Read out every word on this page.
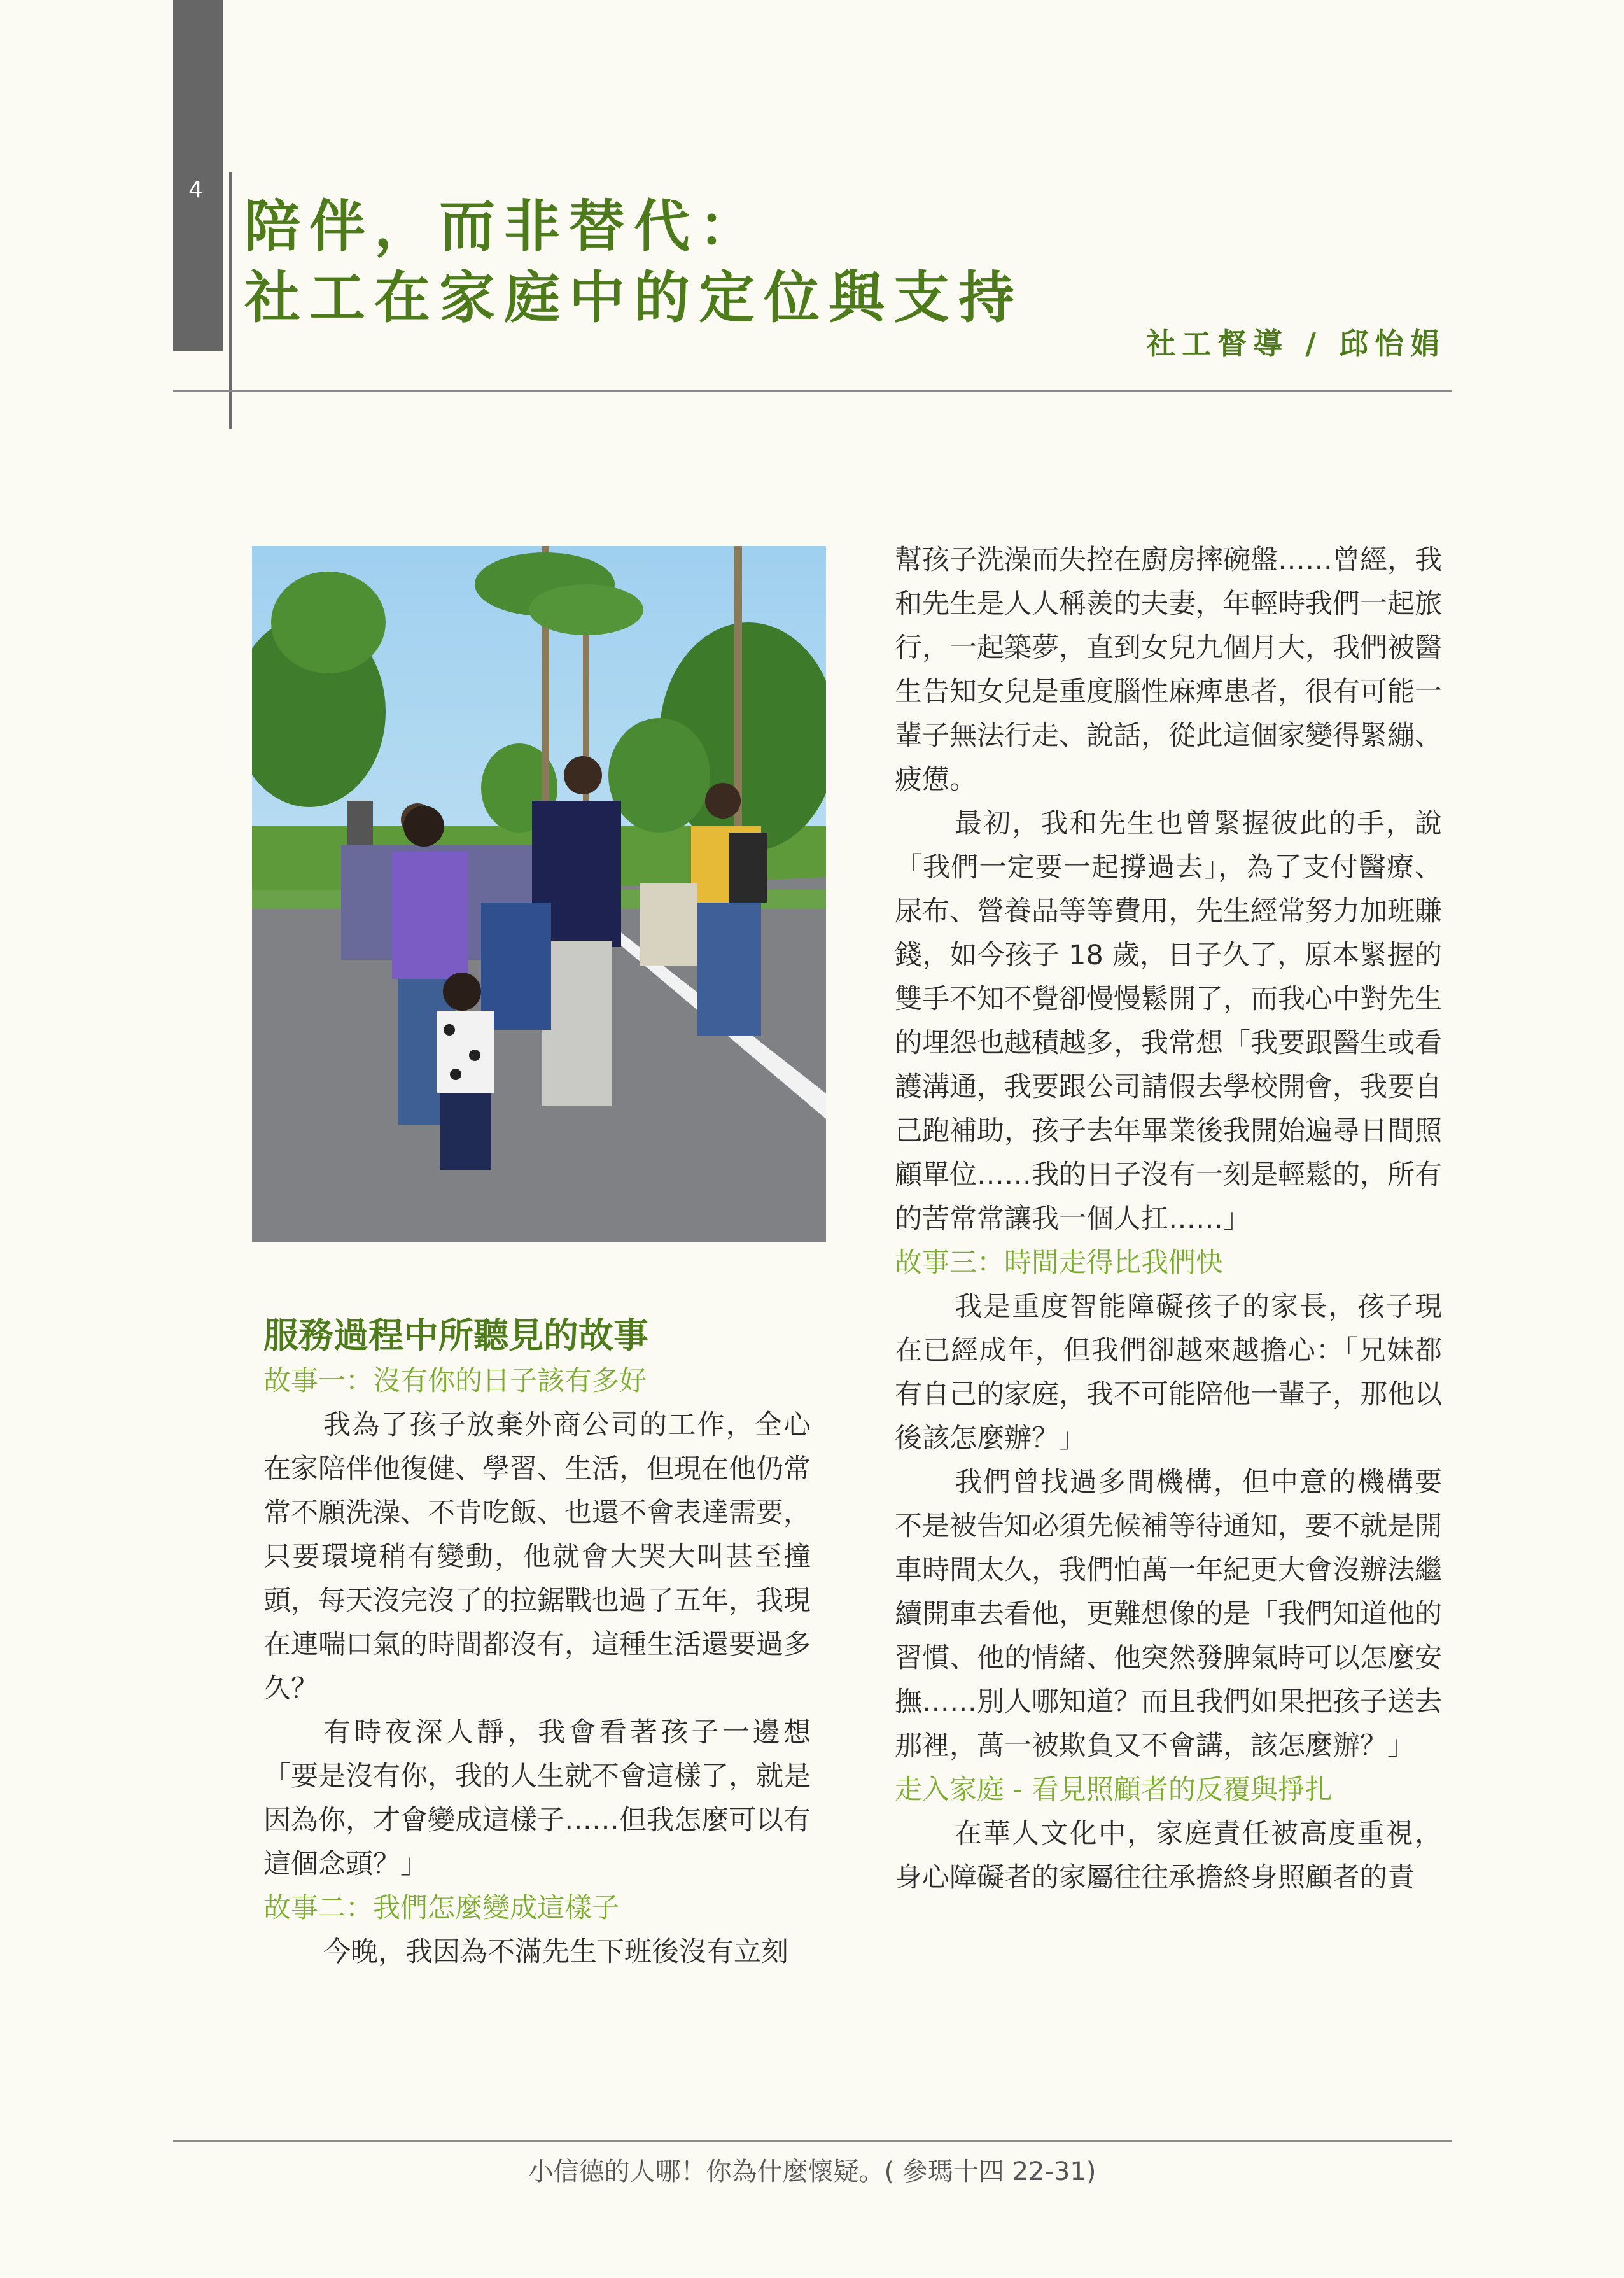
4
陪伴，而非替代：
社工在家庭中的定位與支持
社工督導 / 邱怡娟
服務過程中所聽見的故事
故事一：沒有你的日子該有多好

我為了孩子放棄外商公司的工作，全心在家陪伴他復健、學習、生活，但現在他仍常常不願洗澡、不肯吃飯、也還不會表達需要，只要環境稍有變動，他就會大哭大叫甚至撞頭，每天沒完沒了的拉鋸戰也過了五年，我現在連喘口氣的時間都沒有，這種生活還要過多久？

有時夜深人靜，我會看著孩子一邊想「要是沒有你，我的人生就不會這樣了，就是因為你，才會變成這樣子……但我怎麼可以有這個念頭？」

故事二：我們怎麼變成這樣子

今晚，我因為不滿先生下班後沒有立刻

幫孩子洗澡而失控在廚房摔碗盤……曾經，我和先生是人人稱羨的夫妻，年輕時我們一起旅行，一起築夢，直到女兒九個月大，我們被醫生告知女兒是重度腦性麻痺患者，很有可能一輩子無法行走、說話，從此這個家變得緊繃、疲憊。

最初，我和先生也曾緊握彼此的手，說「我們一定要一起撐過去」，為了支付醫療、尿布、營養品等等費用，先生經常努力加班賺錢，如今孩子 18 歲，日子久了，原本緊握的雙手不知不覺卻慢慢鬆開了，而我心中對先生的埋怨也越積越多，我常想「我要跟醫生或看護溝通，我要跟公司請假去學校開會，我要自己跑補助，孩子去年畢業後我開始遍尋日間照顧單位……我的日子沒有一刻是輕鬆的，所有的苦常常讓我一個人扛……」

故事三：時間走得比我們快

我是重度智能障礙孩子的家長，孩子現在已經成年，但我們卻越來越擔心：「兄妹都有自己的家庭，我不可能陪他一輩子，那他以後該怎麼辦？」

我們曾找過多間機構，但中意的機構要不是被告知必須先候補等待通知，要不就是開車時間太久，我們怕萬一年紀更大會沒辦法繼續開車去看他，更難想像的是「我們知道他的習慣、他的情緒、他突然發脾氣時可以怎麼安撫……別人哪知道？而且我們如果把孩子送去那裡，萬一被欺負又不會講，該怎麼辦？」

走入家庭 - 看見照顧者的反覆與掙扎

在華人文化中，家庭責任被高度重視，身心障礙者的家屬往往承擔終身照顧者的責

小信德的人哪！你為什麼懷疑。( 參瑪十四 22-31)
